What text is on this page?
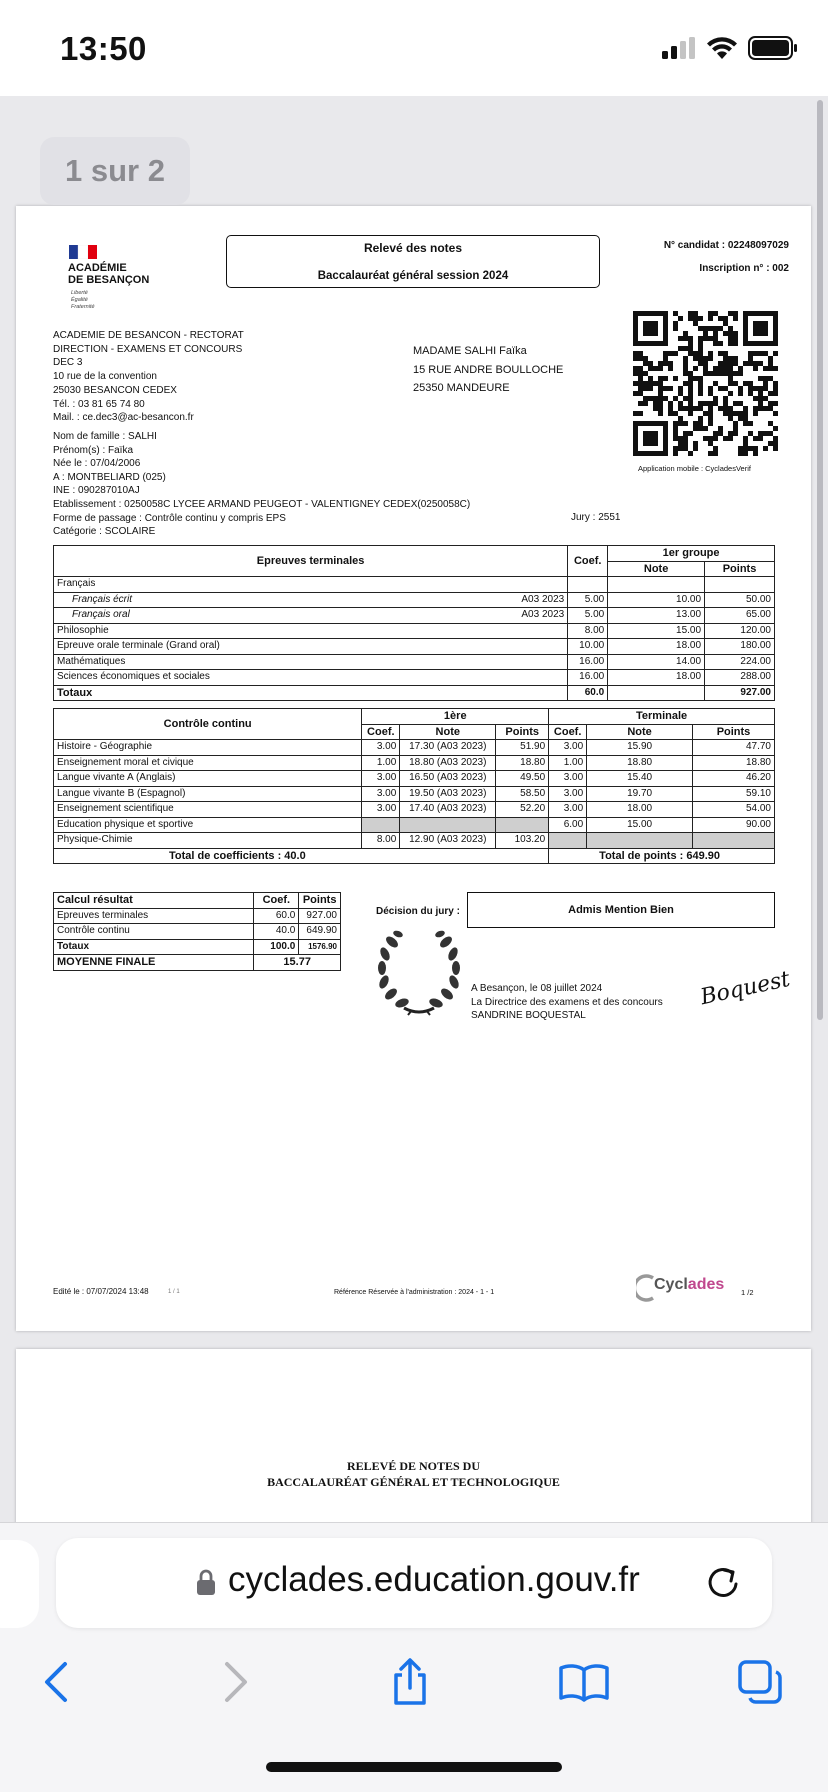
13:50
ACADÉMIE
DE BESANÇON
Liberté
Égalité
Fraternité
Relevé des notes
Baccalauréat général session 2024
N° candidat : 02248097029
Inscription n° : 002
Application mobile : CycladesVerif
ACADEMIE DE BESANCON - RECTORAT
DIRECTION - EXAMENS ET CONCOURS
DEC 3
10 rue de la convention
25030 BESANCON CEDEX
Tél. : 03 81 65 74 80
Mail. : ce.dec3@ac-besancon.fr
MADAME SALHI Faïka
15 RUE ANDRE BOULLOCHE
25350 MANDEURE
Nom de famille : SALHI
Prénom(s) : Faïka
Née le : 07/04/2006
A : MONTBELIARD (025)
INE : 090287010AJ
Etablissement : 0250058C LYCEE ARMAND PEUGEOT - VALENTIGNEY CEDEX(0250058C)
Forme de passage : Contrôle continu y compris EPS
Catégorie : SCOLAIRE
Jury : 2551
Epreuves terminales	Coef.	1er groupe	
		Note	Points
Français

Français écrit A03 2023	5.00	10.00	50.00
Français oral A03 2023	5.00	13.00	65.00
Philosophie	8.00	15.00	120.00
Epreuve orale terminale (Grand oral)	10.00	18.00	180.00
Mathématiques	16.00	14.00	224.00
Sciences économiques et sociales	16.00	18.00	288.00
Totaux	60.0		927.00
Contrôle continu	1ère			Terminale		
	Coef.	Note	Points	Coef.	Note	Points
Histoire - Géographie	3.00	17.30 (A03 2023)	51.90	3.00	15.90	47.70
Enseignement moral et civique	1.00	18.80 (A03 2023)	18.80	1.00	18.80	18.80
Langue vivante A (Anglais)	3.00	16.50 (A03 2023)	49.50	3.00	15.40	46.20
Langue vivante B (Espagnol)	3.00	19.50 (A03 2023)	58.50	3.00	19.70	59.10
Enseignement scientifique	3.00	17.40 (A03 2023)	52.20	3.00	18.00	54.00
Education physique et sportive				6.00	15.00	90.00
Physique-Chimie	8.00	12.90 (A03 2023)	103.20			
Total de coefficients : 40.0				Total de points : 649.90		
Calcul résultat	Coef.	Points
Epreuves terminales	60.0	927.00
Contrôle continu	40.0	649.90
Totaux	100.0	1576.90
MOYENNE FINALE	15.77	
Décision du jury :	Admis Mention Bien
A Besançon, le 08 juillet 2024
La Directrice des examens et des concours
SANDRINE BOQUESTAL
Boquest
Edité le : 07/07/2024 13:48	1 / 1	Référence Réservée à l'administration : 2024 - 1 - 1	Cyclades 1 /2
RELEVÉ DE NOTES DU
BACCALAURÉAT GÉNÉRAL ET TECHNOLOGIQUE
1 sur 2
cyclades.education.gouv.fr
